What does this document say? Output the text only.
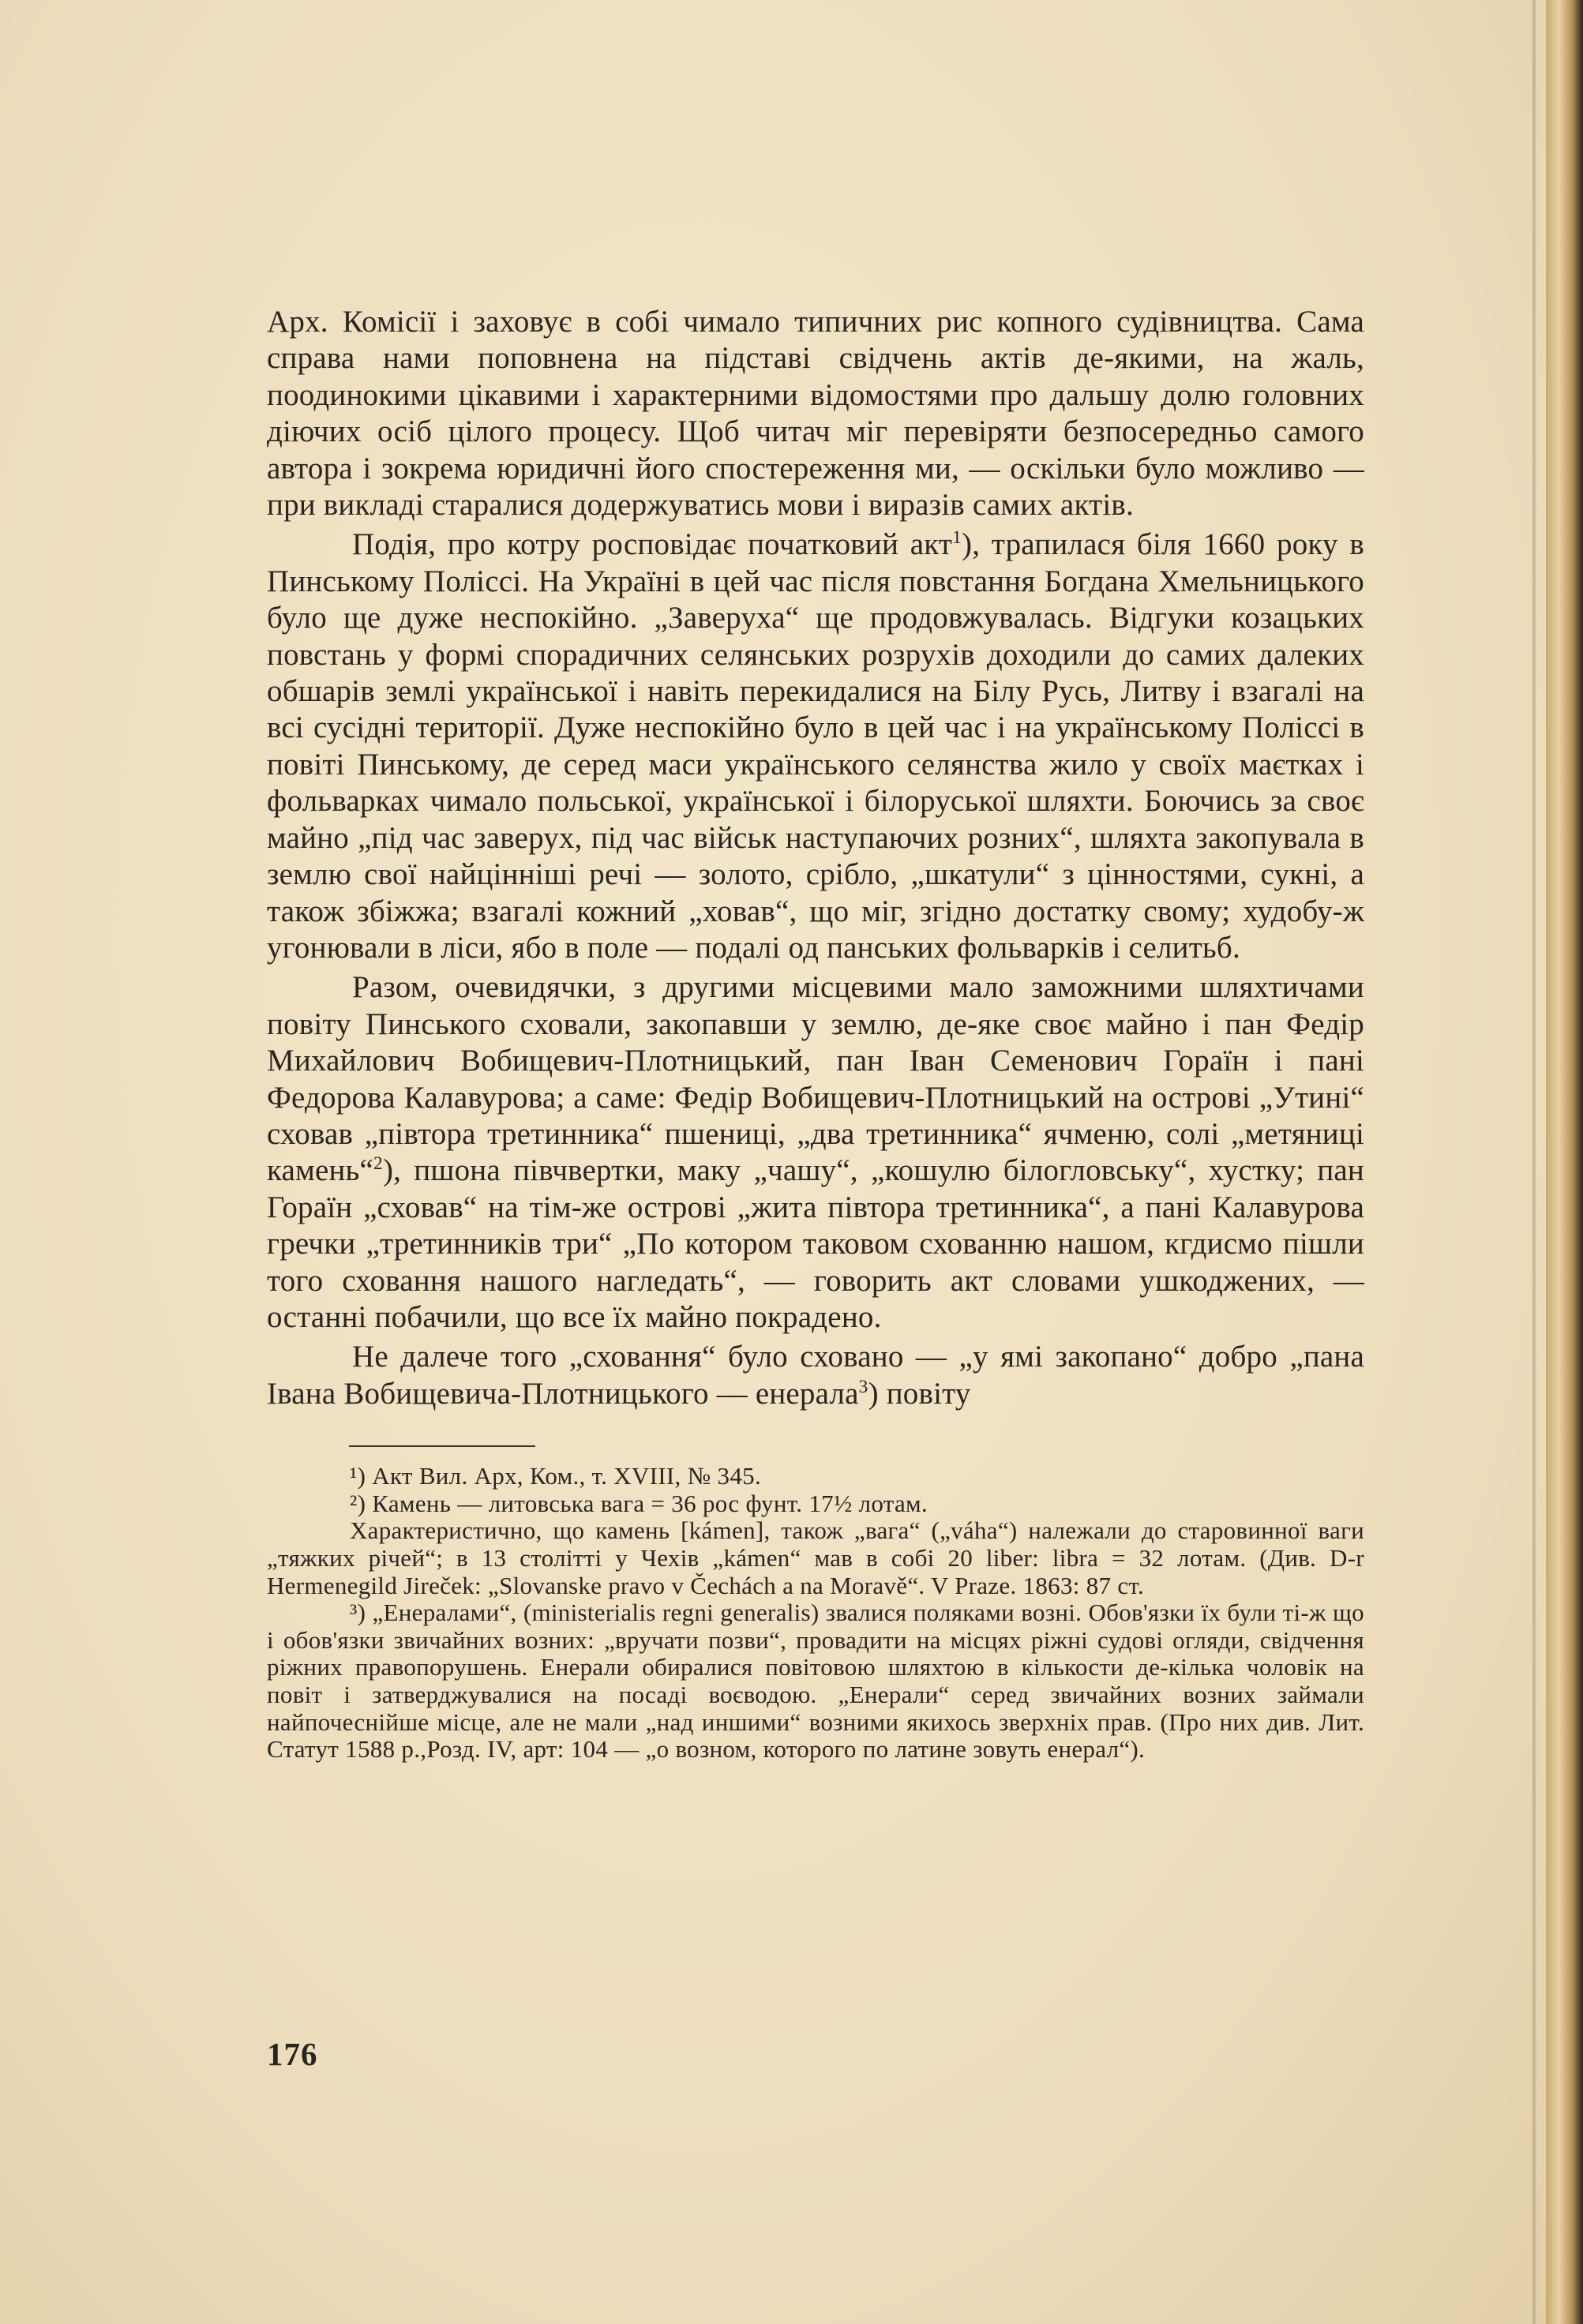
Арх. Комісії і заховує в собі чимало типичних рис копного судівництва. Сама справа нами поповнена на підставі свідчень актів де-якими, на жаль, поодинокими цікавими і характерними відомостями про дальшу долю головних діючих осіб цілого процесу. Щоб читач міг перевіряти безпосередньо самого автора і зокрема юридичні його спостереження ми, — оскільки було можливо — при викладі старалися додержуватись мови і виразів самих актів.

Подія, про котру росповідає початковий акт$^1$), трапилася біля 1660 року в Пинському Поліссі. На Україні в цей час після повстання Богдана Хмельницького було ще дуже неспокійно. „Заверуха“ ще продовжувалась. Відгуки козацьких повстань у формі спорадичних селянських розрухів доходили до самих далеких обшарів землі української і навіть перекидалися на Білу Русь, Литву і взагалі на всі сусідні території. Дуже неспокійно було в цей час і на українському Поліссі в повіті Пинському, де серед маси українського селянства жило у своїх маєтках і фольварках чимало польської, української і білоруської шляхти. Боючись за своє майно „під час заверух, під час військ наступаючих розних“, шляхта закопувала в землю свої найцінніші речі — золото, срібло, „шкатули“ з цінностями, сукні, а також збіжжа; взагалі кожний „ховав“, що міг, згідно достатку свому; худобу-ж угонювали в ліси, ябо в поле — подалі од панських фольварків і селитьб.

Разом, очевидячки, з другими місцевими мало заможними шляхтичами повіту Пинського сховали, закопавши у землю, де-яке своє майно і пан Федір Михайлович Вобищевич-Плотницький, пан Іван Семенович Гораїн і пані Федорова Калавурова; а саме: Федір Вобищевич-Плотницький на острові „Утині“ сховав „півтора третинника“ пшениці, „два третинника“ ячменю, солі „метяниці камень“$^2$), пшона півчвертки, маку „чашу“, „кошулю білогловську“, хустку; пан Гораїн „сховав“ на тім-же острові „жита півтора третинника“, а пані Калавурова гречки „третинників три“ „По котором таковом схованню нашом, кгдисмо пішли того сховання нашого нагледать“, — говорить акт словами ушкоджених, — останні побачили, що все їх майно покрадено.

Не далече того „сховання“ було сховано — „у ямі закопано“ добро „пана Івана Вобищевича-Плотницького — енерала$^3$) повіту

¹) Акт Вил. Арх, Ком., т. XVIII, № 345.

²) Камень — литовська вага = 36 рос фунт. 17½ лотам.

Характеристично, що камень [kámen], також „вага“ („váha“) належали до старовинної ваги „тяжких річей“; в 13 столітті у Чехів „kámen“ мав в собі 20 liber: libra = 32 лотам. (Див. D-r Hermenegild Jireček: „Slovanske pravo v Čechách a na Moravě“. V Praze. 1863: 87 ст.

³) „Енералами“, (ministerialis regni generalis) звалися поляками возні. Обов'язки їх були ті-ж що і обов'язки звичайних возних: „вручати позви“, провадити на місцях ріжні судові огляди, свідчення ріжних правопорушень. Енерали обиралися повітовою шляхтою в кількости де-кілька чоловік на повіт і затверджувалися на посаді воєводою. „Енерали“ серед звичайних возних займали найпочеснійше місце, але не мали „над иншими“ возними якихось зверхніх прав. (Про них див. Лит. Статут 1588 р.,Розд. IV, арт: 104 — „о возном, которого по латине зовуть енерал“).

176
